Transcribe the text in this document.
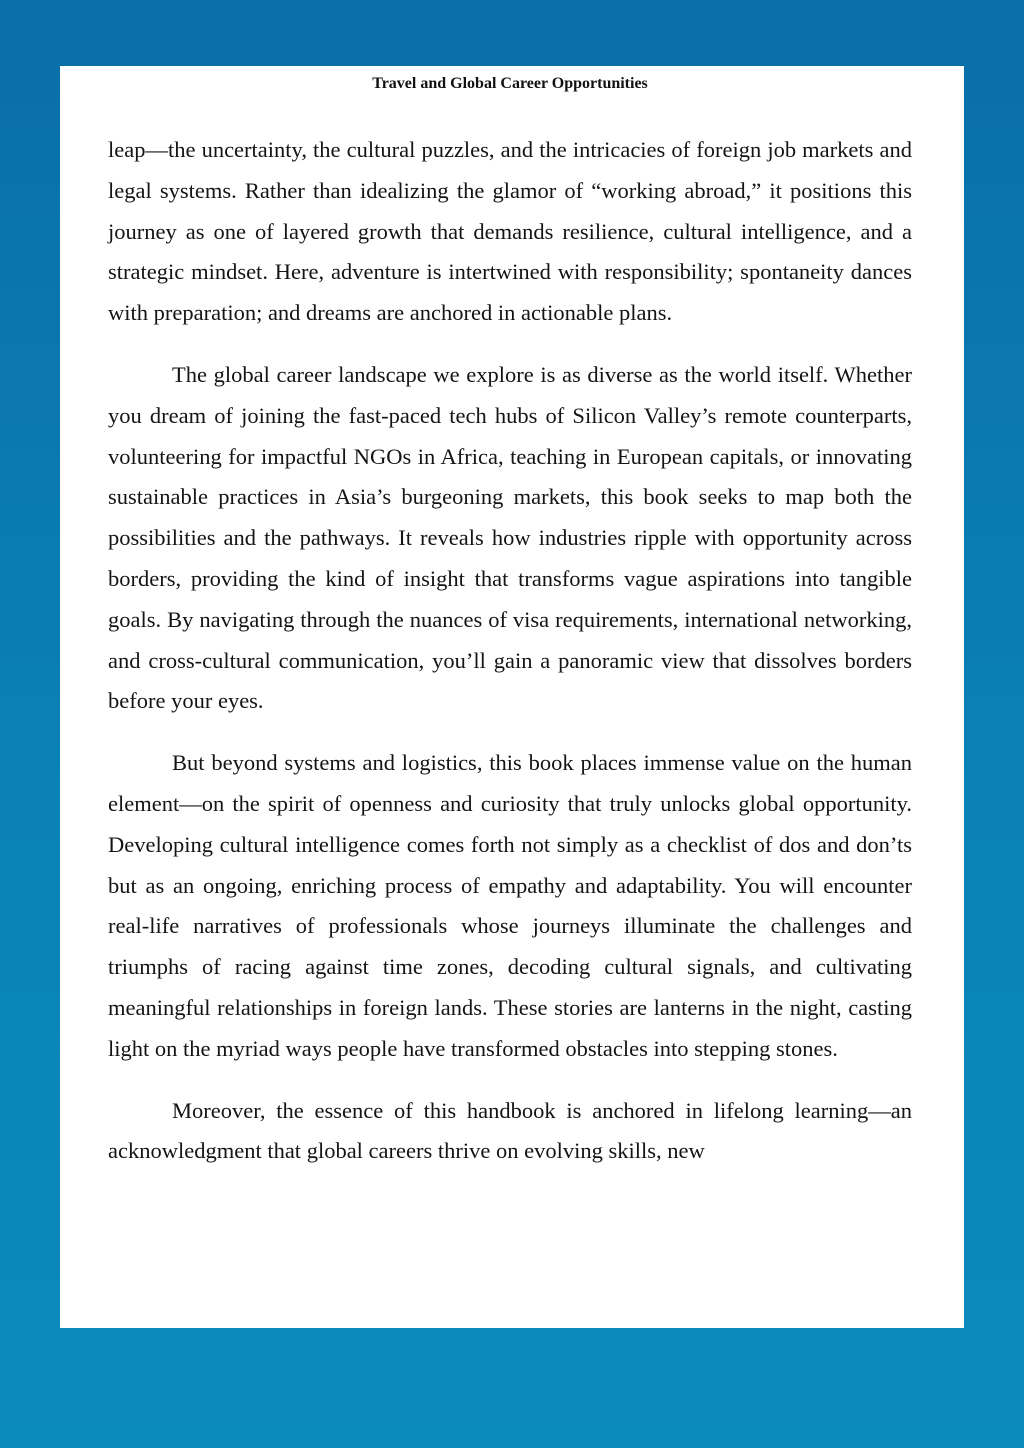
Travel and Global Career Opportunities

leap—the uncertainty, the cultural puzzles, and the intricacies of foreign job markets and legal systems. Rather than idealizing the glamor of “working abroad,” it positions this journey as one of layered growth that demands resilience, cultural intelligence, and a strategic mindset. Here, adventure is intertwined with responsibility; spontaneity dances with preparation; and dreams are anchored in actionable plans.

The global career landscape we explore is as diverse as the world itself. Whether you dream of joining the fast-paced tech hubs of Silicon Valley’s remote counterparts, volunteering for impactful NGOs in Africa, teaching in European capitals, or innovating sustainable practices in Asia’s burgeoning markets, this book seeks to map both the possibilities and the pathways. It reveals how industries ripple with opportunity across borders, providing the kind of insight that transforms vague aspirations into tangible goals. By navigating through the nuances of visa requirements, international networking, and cross-cultural communication, you’ll gain a panoramic view that dissolves borders before your eyes.

But beyond systems and logistics, this book places immense value on the human element—on the spirit of openness and curiosity that truly unlocks global opportunity. Developing cultural intelligence comes forth not simply as a checklist of dos and don’ts but as an ongoing, enriching process of empathy and adaptability. You will encounter real-life narratives of professionals whose journeys illuminate the challenges and triumphs of racing against time zones, decoding cultural signals, and cultivating meaningful relationships in foreign lands. These stories are lanterns in the night, casting light on the myriad ways people have transformed obstacles into stepping stones.

Moreover, the essence of this handbook is anchored in lifelong learning—an acknowledgment that global careers thrive on evolving skills, new
